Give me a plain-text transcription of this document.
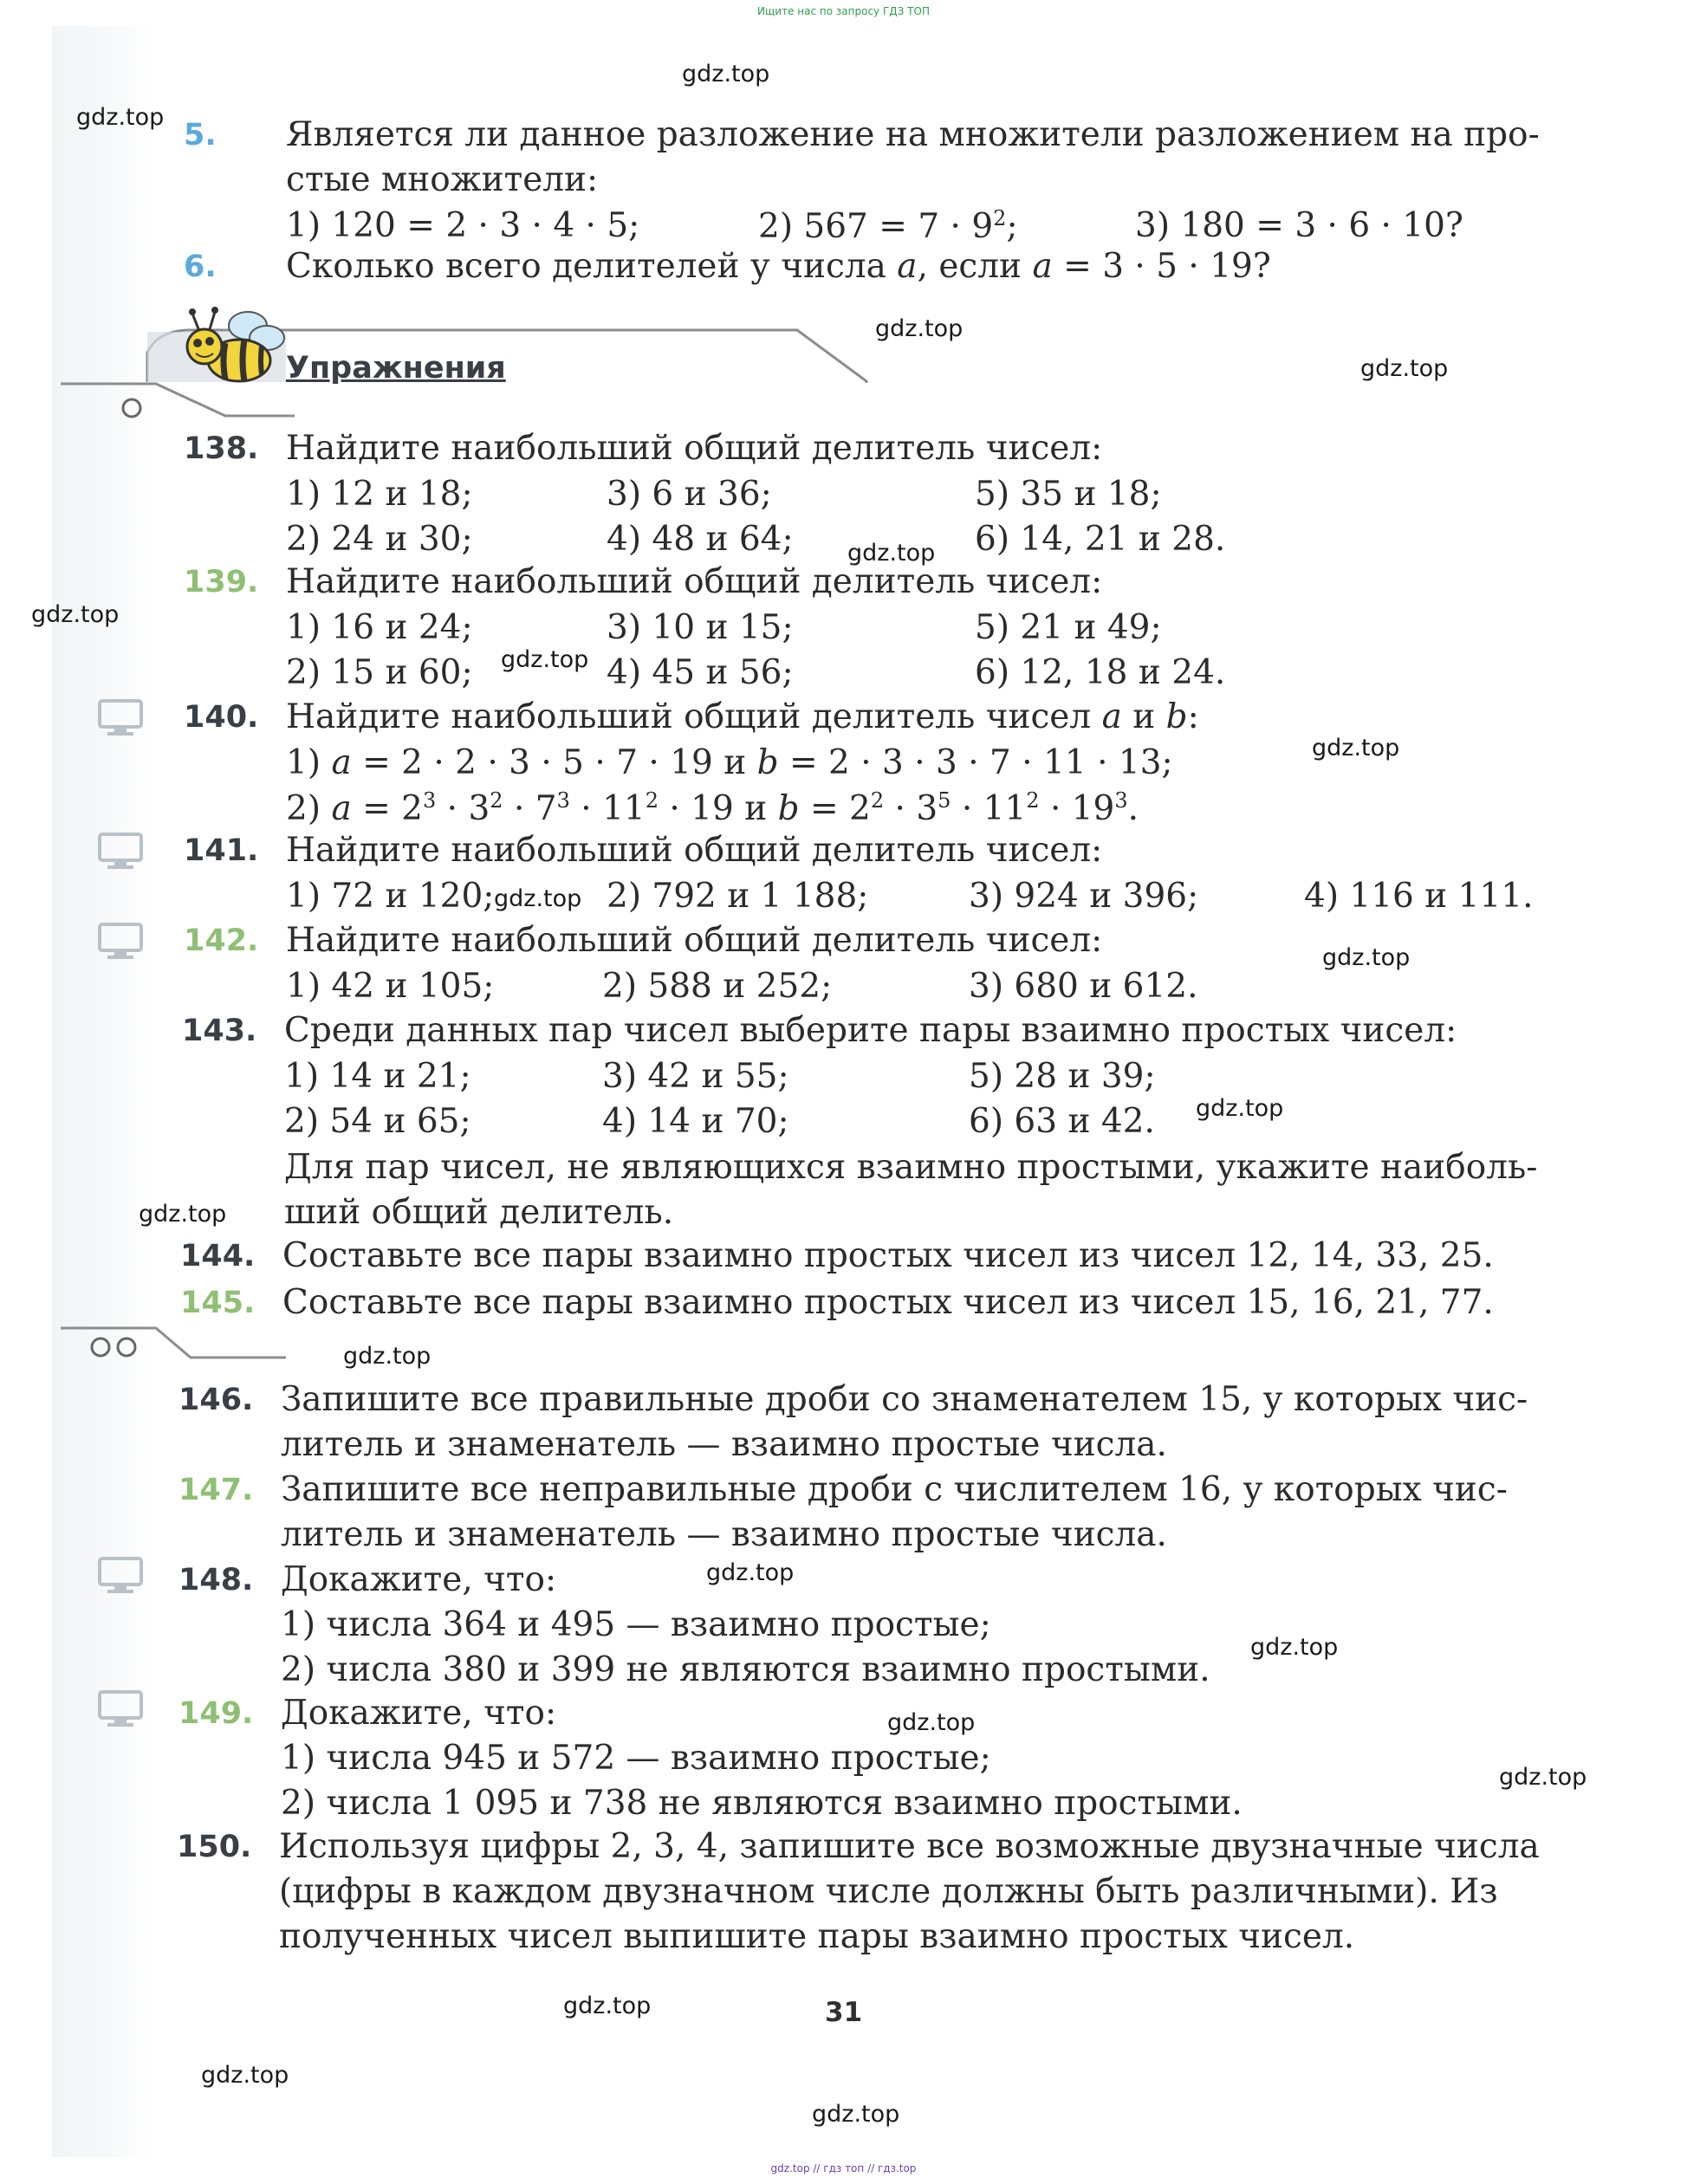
Ищите нас по запросу ГДЗ ТОП
gdz.top
gdz.top
gdz.top
gdz.top
gdz.top
gdz.top
gdz.top
gdz.top
gdz.top
gdz.top
gdz.top
gdz.top
gdz.top
gdz.top
gdz.top
gdz.top
gdz.top
gdz.top
gdz.top
gdz.top
5. Является ли данное разложение на множители разложением на про-
стые множители:
1) 120 = 2 · 3 · 4 · 5;	2) $567 = 7 \cdot 9^2$;	3) 180 = 3 · 6 · 10?
6. Сколько всего делителей у числа a, если a = 3 · 5 · 19?
Упражнения
138. Найдите наибольший общий делитель чисел:
1) 12 и 18;	3) 6 и 36;	5) 35 и 18;
2) 24 и 30;	4) 48 и 64;	6) 14, 21 и 28.
139. Найдите наибольший общий делитель чисел:
1) 16 и 24;	3) 10 и 15;	5) 21 и 49;
2) 15 и 60;	4) 45 и 56;	6) 12, 18 и 24.
140. Найдите наибольший общий делитель чисел a и b:
1) a = 2 · 2 · 3 · 5 · 7 · 19 и b = 2 · 3 · 3 · 7 · 11 · 13;
2) $a = 2^3 \cdot 3^2 \cdot 7^3 \cdot 11^2 \cdot 19$ и $b = 2^2 \cdot 3^5 \cdot 11^2 \cdot 19^3$.
141. Найдите наибольший общий делитель чисел:
1) 72 и 120;	2) 792 и 1 188;	3) 924 и 396;	4) 116 и 111.
142. Найдите наибольший общий делитель чисел:
1) 42 и 105;	2) 588 и 252;	3) 680 и 612.
143. Среди данных пар чисел выберите пары взаимно простых чисел:
1) 14 и 21;	3) 42 и 55;	5) 28 и 39;
2) 54 и 65;	4) 14 и 70;	6) 63 и 42.
Для пар чисел, не являющихся взаимно простыми, укажите наиболь-
ший общий делитель.
144. Составьте все пары взаимно простых чисел из чисел 12, 14, 33, 25.
145. Составьте все пары взаимно простых чисел из чисел 15, 16, 21, 77.
146. Запишите все правильные дроби со знаменателем 15, у которых чис-
литель и знаменатель — взаимно простые числа.
147. Запишите все неправильные дроби с числителем 16, у которых чис-
литель и знаменатель — взаимно простые числа.
148. Докажите, что:
1) числа 364 и 495 — взаимно простые;
2) числа 380 и 399 не являются взаимно простыми.
149. Докажите, что:
1) числа 945 и 572 — взаимно простые;
2) числа 1 095 и 738 не являются взаимно простыми.
150. Используя цифры 2, 3, 4, запишите все возможные двузначные числа
(цифры в каждом двузначном числе должны быть различными). Из
полученных чисел выпишите пары взаимно простых чисел.
31
gdz.top // гдз топ // гдз.top
